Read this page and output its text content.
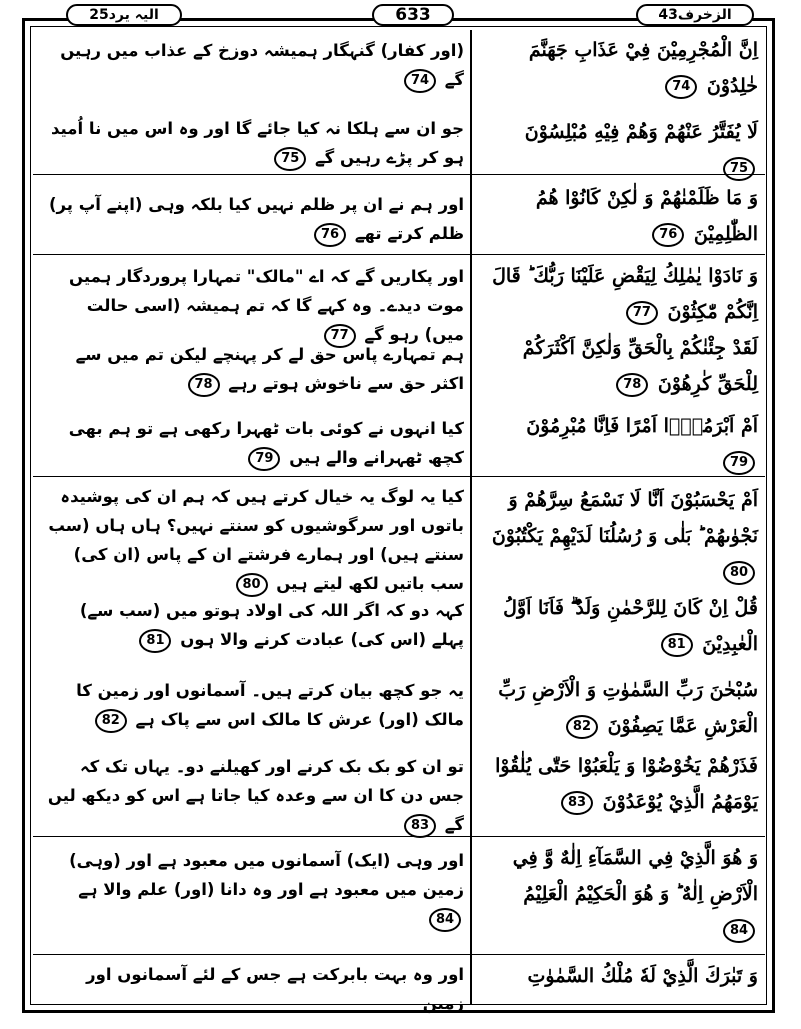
الیہ یرد
25	633	الزخرف
43
اِنَّ الْمُجْرِمِيْنَ فِيْ عَذَابِ جَهَنَّمَ خٰلِدُوْنَ 74
(اور کفار) گنہگار ہمیشہ دوزخ کے عذاب میں رہیں گے 74
لَا يُفَتَّرُ عَنْهُمْ وَهُمْ فِيْهِ مُبْلِسُوْنَ 75
جو ان سے ہلکا نہ کیا جائے گا اور وہ اس میں نا اُمید ہو کر پڑے رہیں گے 75
وَ مَا ظَلَمْنٰهُمْ وَ لٰكِنْ كَانُوْا هُمُ الظّٰلِمِيْنَ 76
اور ہم نے ان پر ظلم نہیں کیا بلکہ وہی (اپنے آپ پر) ظلم کرتے تھے 76
وَ نَادَوْا يٰمٰلِكُ لِيَقْضِ عَلَيْنَا رَبُّكَ ؕ قَالَ اِنَّكُمْ مّٰكِثُوْنَ 77
اور پکاریں گے کہ اے "مالک" تمہارا پروردگار ہمیں موت دیدے۔ وہ کہے گا کہ تم ہمیشہ (اسی حالت میں) رہو گے 77
لَقَدْ جِئْنٰكُمْ بِالْحَقِّ وَلٰكِنَّ اَكْثَرَكُمْ لِلْحَقِّ كٰرِهُوْنَ 78
ہم تمہارے پاس حق لے کر پہنچے لیکن تم میں سے اکثر حق سے ناخوش ہوتے رہے 78
اَمْ اَبْرَمُوْۤا اَمْرًا فَاِنَّا مُبْرِمُوْنَ 79
کیا انہوں نے کوئی بات ٹھہرا رکھی ہے تو ہم بھی کچھ ٹھہرانے والے ہیں 79
اَمْ يَحْسَبُوْنَ اَنَّا لَا نَسْمَعُ سِرَّهُمْ وَ نَجْوٰىهُمْ ؕ بَلٰى وَ رُسُلُنَا لَدَيْهِمْ يَكْتُبُوْنَ 80
کیا یہ لوگ یہ خیال کرتے ہیں کہ ہم ان کی پوشیدہ باتوں اور سرگوشیوں کو سنتے نہیں؟ ہاں ہاں (سب سنتے ہیں) اور ہمارے فرشتے ان کے پاس (ان کی) سب باتیں لکھ لیتے ہیں 80
قُلْ اِنْ كَانَ لِلرَّحْمٰنِ وَلَدٌ ۖۗ فَاَنَا اَوَّلُ الْعٰبِدِيْنَ 81
کہہ دو کہ اگر اللہ کی اولاد ہوتو میں (سب سے) پہلے (اس کی) عبادت کرنے والا ہوں 81
سُبْحٰنَ رَبِّ السَّمٰوٰتِ وَ الْاَرْضِ رَبِّ الْعَرْشِ عَمَّا يَصِفُوْنَ 82
یہ جو کچھ بیان کرتے ہیں۔ آسمانوں اور زمین کا مالک (اور) عرش کا مالک اس سے پاک ہے 82
فَذَرْهُمْ يَخُوْضُوْا وَ يَلْعَبُوْا حَتّٰى يُلٰقُوْا يَوْمَهُمُ الَّذِيْ يُوْعَدُوْنَ 83
تو ان کو بک بک کرنے اور کھیلنے دو۔ یہاں تک کہ جس دن کا ان سے وعدہ کیا جاتا ہے اس کو دیکھ لیں گے 83
وَ هُوَ الَّذِيْ فِي السَّمَآءِ اِلٰهٌ وَّ فِي الْاَرْضِ اِلٰهٌ ؕ وَ هُوَ الْحَكِيْمُ الْعَلِيْمُ 84
اور وہی (ایک) آسمانوں میں معبود ہے اور (وہی) زمین میں معبود ہے اور وہ دانا (اور) علم والا ہے 84
وَ تَبٰرَكَ الَّذِيْ لَهٗ مُلْكُ السَّمٰوٰتِ
اور وہ بہت بابرکت ہے جس کے لئے آسمانوں اور زمین
